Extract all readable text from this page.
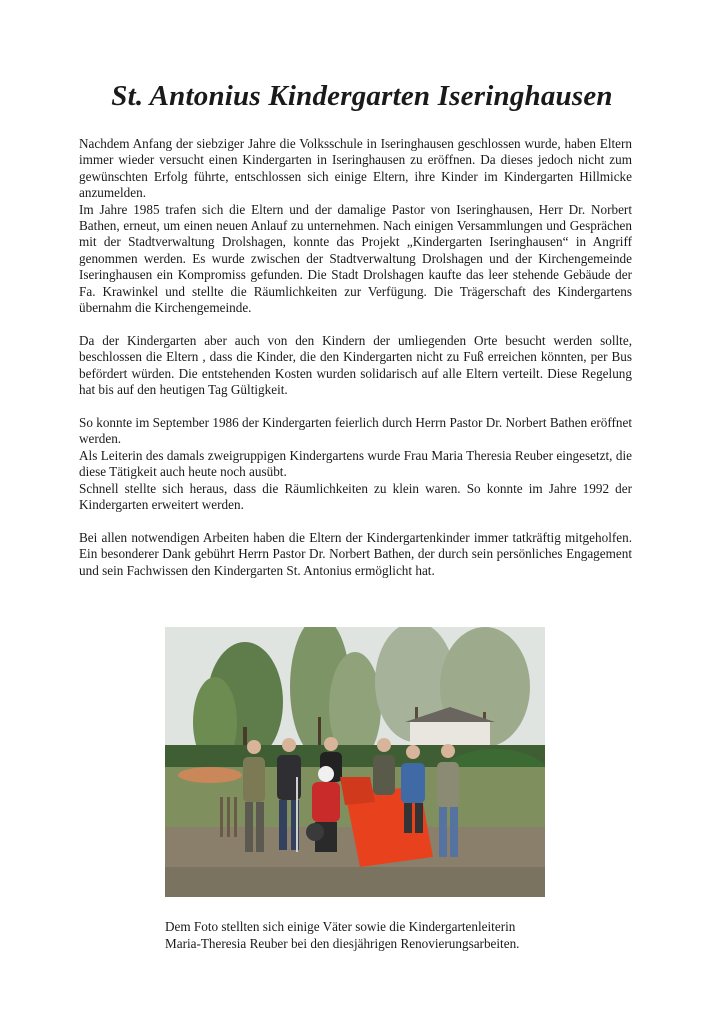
St. Antonius Kindergarten Iseringhausen

Nachdem Anfang der siebziger Jahre die Volksschule in Iseringhausen geschlossen wurde, haben Eltern immer wieder versucht einen Kindergarten in Iseringhausen zu eröffnen. Da dieses jedoch nicht zum gewünschten Erfolg führte, entschlossen sich einige Eltern, ihre Kinder im Kindergarten Hillmicke anzumelden.
Im Jahre 1985 trafen sich die Eltern und der damalige Pastor von Iseringhausen, Herr Dr. Norbert Bathen, erneut, um einen neuen Anlauf zu unternehmen. Nach einigen Versammlungen und Gesprächen mit der Stadtverwaltung Drolshagen, konnte das Projekt „Kindergarten Iseringhausen“ in Angriff genommen werden. Es wurde zwischen der Stadtverwaltung Drolshagen und der Kirchengemeinde Iseringhausen ein Kompromiss gefunden. Die Stadt Drolshagen kaufte das leer stehende Gebäude der Fa. Krawinkel und stellte die Räumlichkeiten zur Verfügung. Die Trägerschaft des Kindergartens übernahm die Kirchengemeinde.

Da der Kindergarten aber auch von den Kindern der umliegenden Orte besucht werden sollte, beschlossen die Eltern , dass die Kinder, die den Kindergarten nicht zu Fuß erreichen könnten, per Bus befördert würden. Die entstehenden Kosten wurden solidarisch auf alle Eltern verteilt. Diese Regelung hat bis auf den heutigen Tag Gültigkeit.

So konnte im September 1986 der Kindergarten feierlich durch Herrn Pastor Dr. Norbert Bathen eröffnet werden.
Als Leiterin des damals zweigruppigen Kindergartens wurde Frau Maria Theresia Reuber eingesetzt, die diese Tätigkeit auch heute noch ausübt.
Schnell stellte sich heraus, dass die Räumlichkeiten zu klein waren. So konnte im Jahre 1992 der Kindergarten erweitert werden.

Bei allen notwendigen Arbeiten haben die Eltern der Kindergartenkinder immer tatkräftig mitgeholfen. Ein besonderer Dank gebührt Herrn Pastor Dr. Norbert Bathen, der durch sein persönliches Engagement und sein Fachwissen den Kindergarten St. Antonius ermöglicht hat.

Dem Foto stellten sich einige Väter sowie die Kindergartenleiterin
Maria-Theresia Reuber bei den diesjährigen Renovierungsarbeiten.
